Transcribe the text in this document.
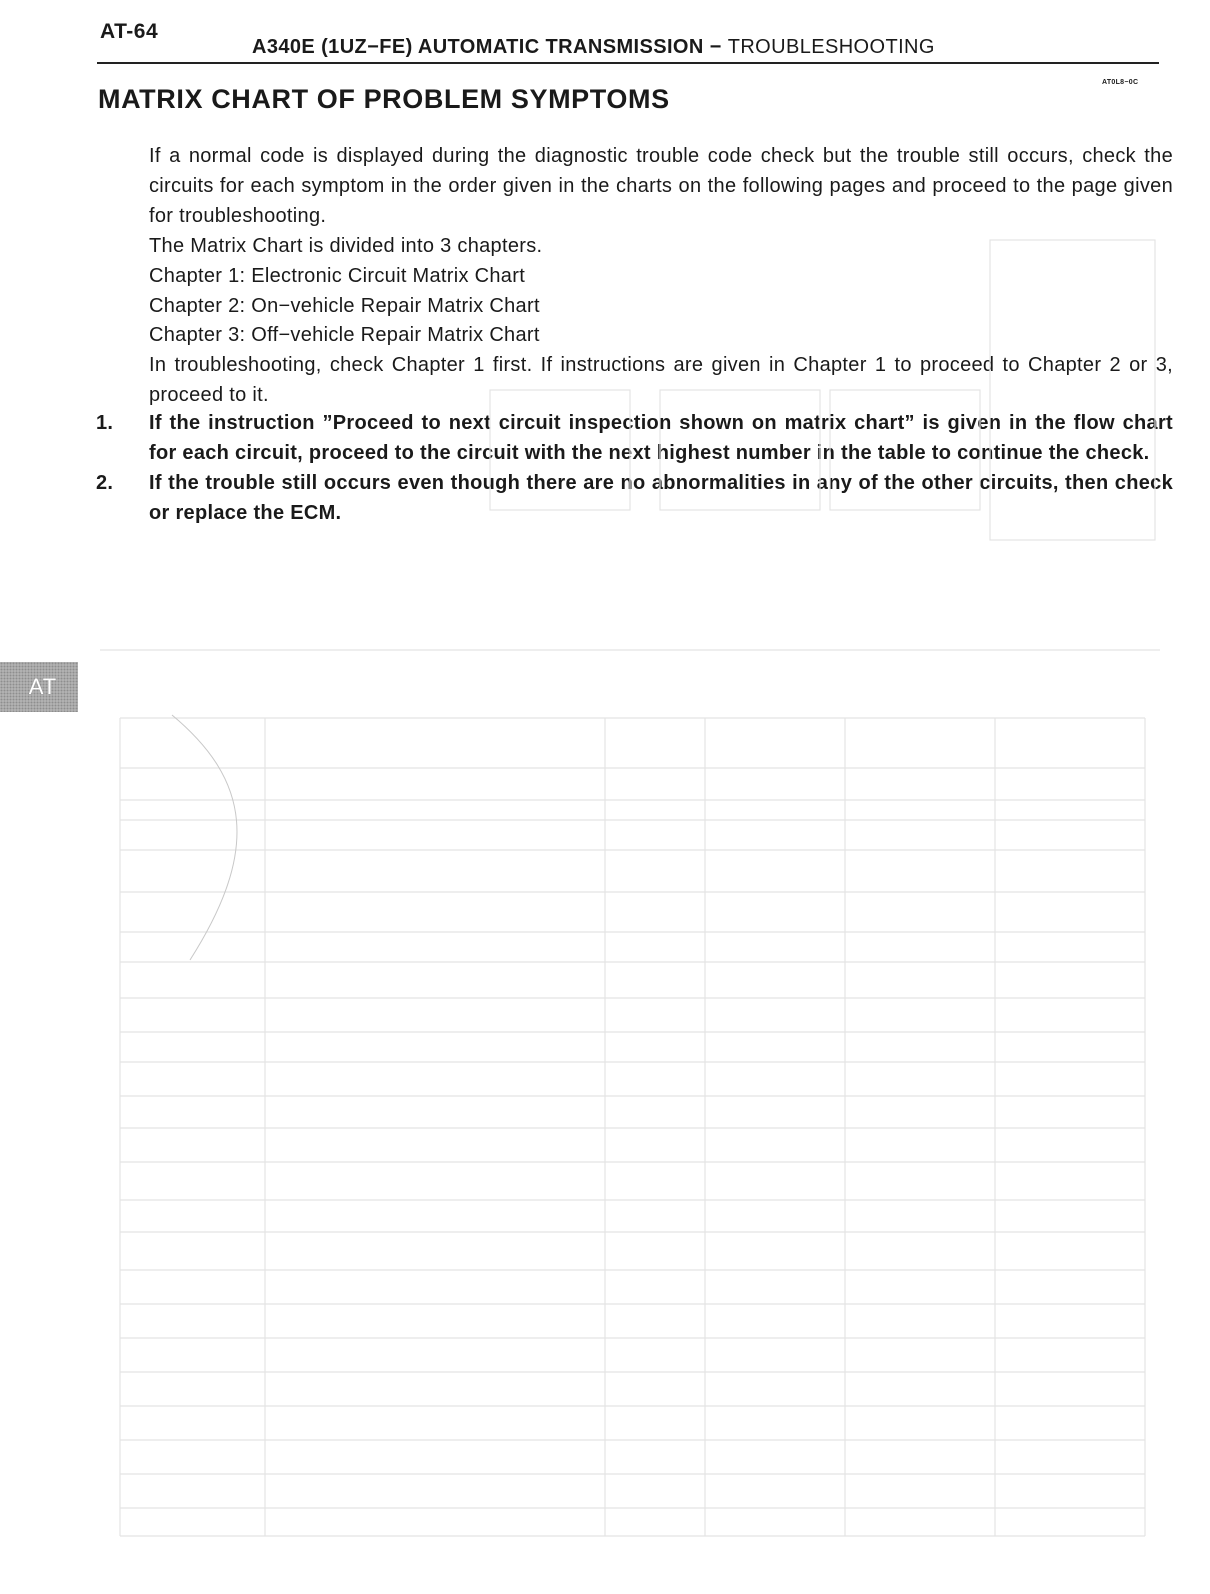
AT-64
A340E (1UZ−FE) AUTOMATIC TRANSMISSION − TROUBLESHOOTING
MATRIX CHART OF PROBLEM SYMPTOMS
AT0L8−0C

If a normal code is displayed during the diagnostic trouble code check but the trouble still occurs, check the circuits for each symptom in the order given in the charts on the following pages and proceed to the page given for troubleshooting.

The Matrix Chart is divided into 3 chapters.

Chapter 1: Electronic Circuit Matrix Chart

Chapter 2: On−vehicle Repair Matrix Chart

Chapter 3: Off−vehicle Repair Matrix Chart

In troubleshooting, check Chapter 1 first. If instructions are given in Chapter 1 to proceed to Chapter 2 or 3, proceed to it.

1.	If the instruction ”Proceed to next circuit inspection shown on matrix chart” is given in the flow chart for each circuit, proceed to the circuit with the next highest number in the table to continue the check.
2.	If the trouble still occurs even though there are no abnormalities in any of the other circuits, then check or replace the ECM.
AT
